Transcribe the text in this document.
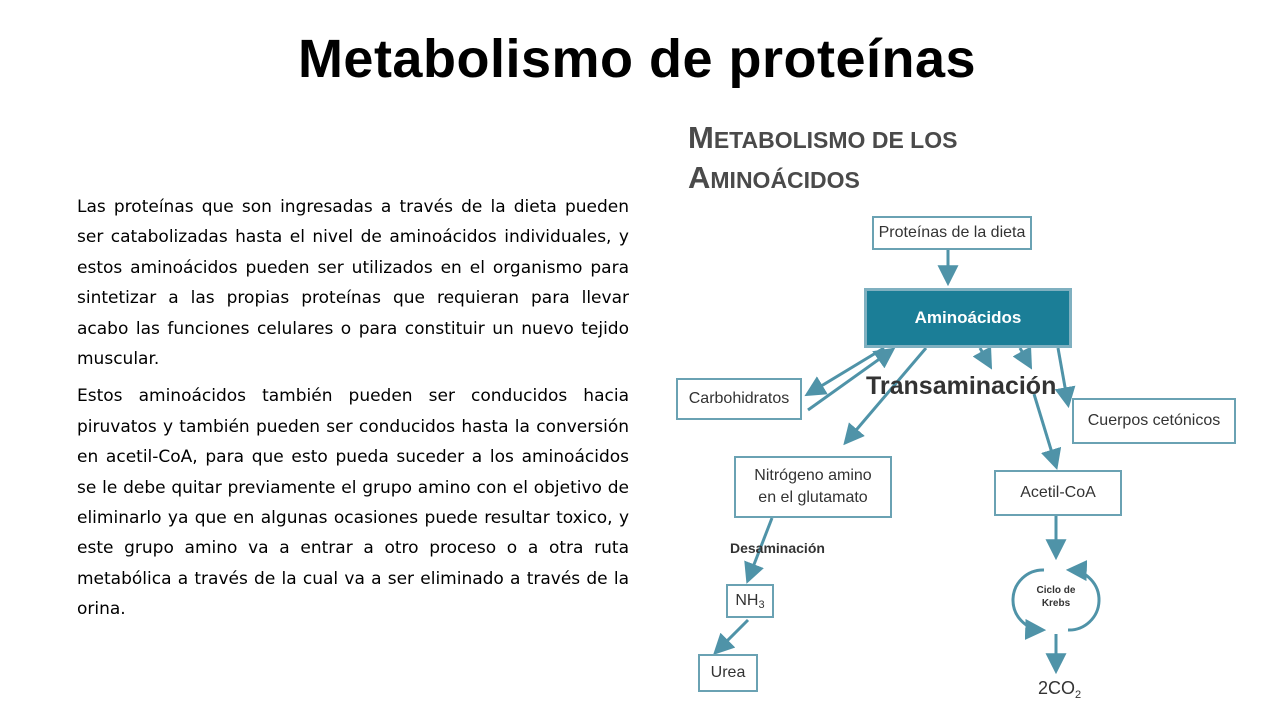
Metabolismo de proteínas

Las proteínas que son ingresadas a través de la dieta pueden ser catabolizadas hasta el nivel de aminoácidos individuales, y estos aminoácidos pueden ser utilizados en el organismo para sintetizar a las propias proteínas que requieran para llevar acabo las funciones celulares o para constituir un nuevo tejido muscular.

Estos aminoácidos también pueden ser conducidos hacia piruvatos y también pueden ser conducidos hasta la conversión en acetil-CoA, para que esto pueda suceder a los aminoácidos se le debe quitar previamente el grupo amino con el objetivo de eliminarlo ya que en algunas ocasiones puede resultar toxico, y este grupo amino va a entrar a otro proceso o a otra ruta metabólica a través de la cual va a ser eliminado a través de la orina.

METABOLISMO DE LOS
AMINOÁCIDOS
Proteínas de la dieta
Aminoácidos
Transaminación
Carbohidratos
Cuerpos cetónicos
Nitrógeno amino
en el glutamato	Acetil-CoA
Desaminación
NH 3
Urea
Ciclo de
Krebs
$2CO_2$
